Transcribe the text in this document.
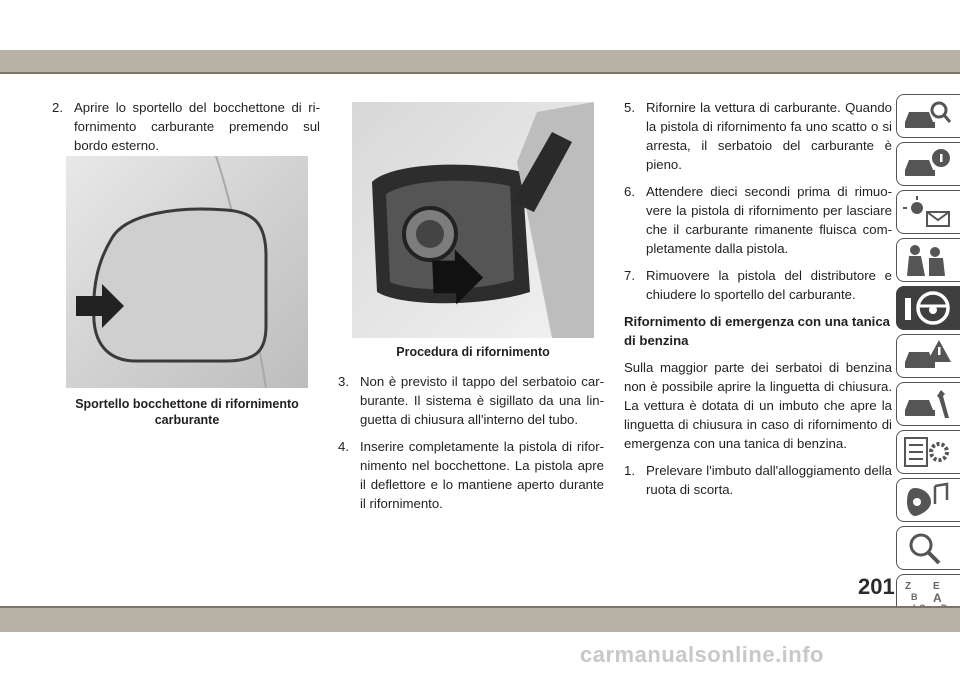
2. Aprire lo sportello del bocchettone di ri-fornimento carburante premendo sul bordo esterno.
Sportello bocchettone di rifornimento
carburante
Procedura di rifornimento
3. Non è previsto il tappo del serbatoio car-burante. Il sistema è sigillato da una lin-guetta di chiusura all'interno del tubo.
4. Inserire completamente la pistola di rifor-nimento nel bocchettone. La pistola apre il deflettore e lo mantiene aperto durante il rifornimento.
5. Rifornire la vettura di carburante. Quando la pistola di rifornimento fa uno scatto o si arresta, il serbatoio del carburante è pieno.
6. Attendere dieci secondi prima di rimuo-vere la pistola di rifornimento per lasciare che il carburante rimanente fluisca com-pletamente dalla pistola.
7. Rimuovere la pistola del distributore e chiudere lo sportello del carburante.
Rifornimento di emergenza con una tanica di benzina

Sulla maggior parte dei serbatoi di benzina non è possibile aprire la linguetta di chiusura. La vettura è dotata di un imbuto che apre la linguetta di chiusura in caso di rifornimento di emergenza con una tanica di benzina.

1. Prelevare l'imbuto dall'alloggiamento della ruota di scorta.
Z E
B A
201
carmanualsonline.info
